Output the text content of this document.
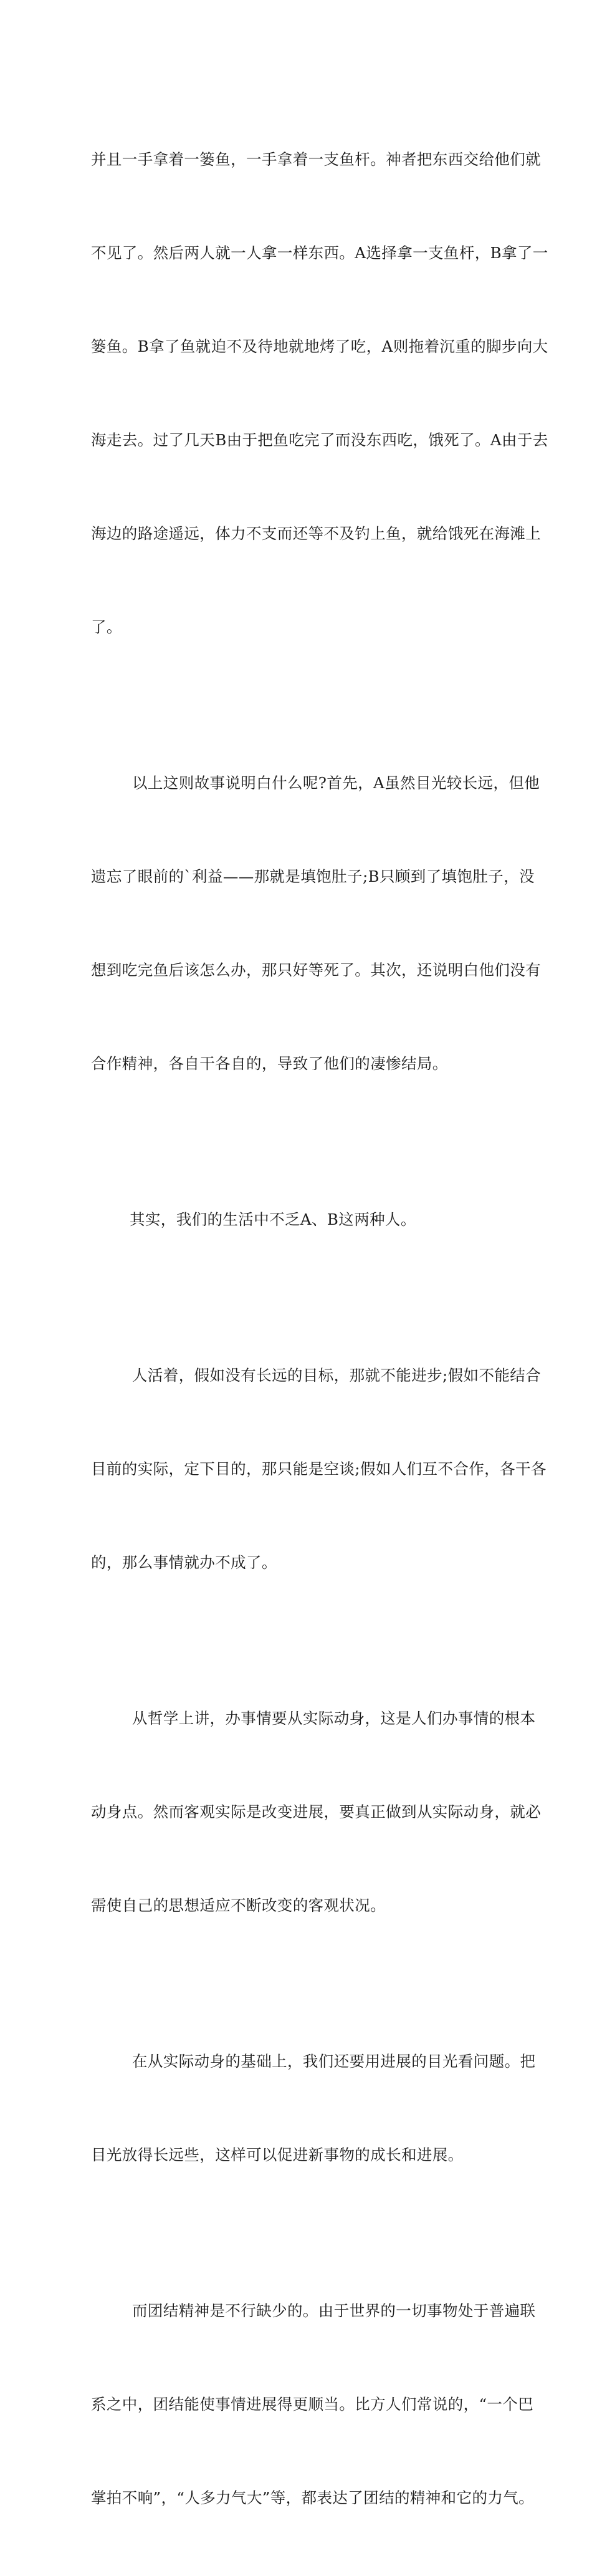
并且一手拿着一篓鱼，一手拿着一支鱼杆。神者把东西交给他们就

不见了。然后两人就一人拿一样东西。A选择拿一支鱼杆，B拿了一

篓鱼。B拿了鱼就迫不及待地就地烤了吃，A则拖着沉重的脚步向大

海走去。过了几天B由于把鱼吃完了而没东西吃，饿死了。A由于去

海边的路途遥远，体力不支而还等不及钓上鱼，就给饿死在海滩上

了。

以上这则故事说明白什么呢?首先，A虽然目光较长远，但他

遗忘了眼前的`利益——那就是填饱肚子;B只顾到了填饱肚子，没

想到吃完鱼后该怎么办，那只好等死了。其次，还说明白他们没有

合作精神，各自干各自的，导致了他们的凄惨结局。

其实，我们的生活中不乏A、B这两种人。

人活着，假如没有长远的目标，那就不能进步;假如不能结合

目前的实际，定下目的，那只能是空谈;假如人们互不合作，各干各

的，那么事情就办不成了。

从哲学上讲，办事情要从实际动身，这是人们办事情的根本

动身点。然而客观实际是改变进展，要真正做到从实际动身，就必

需使自己的思想适应不断改变的客观状况。

在从实际动身的基础上，我们还要用进展的目光看问题。把

目光放得长远些，这样可以促进新事物的成长和进展。

而团结精神是不行缺少的。由于世界的一切事物处于普遍联

系之中，团结能使事情进展得更顺当。比方人们常说的，“一个巴

掌拍不响”，“人多力气大”等，都表达了团结的精神和它的力气。
